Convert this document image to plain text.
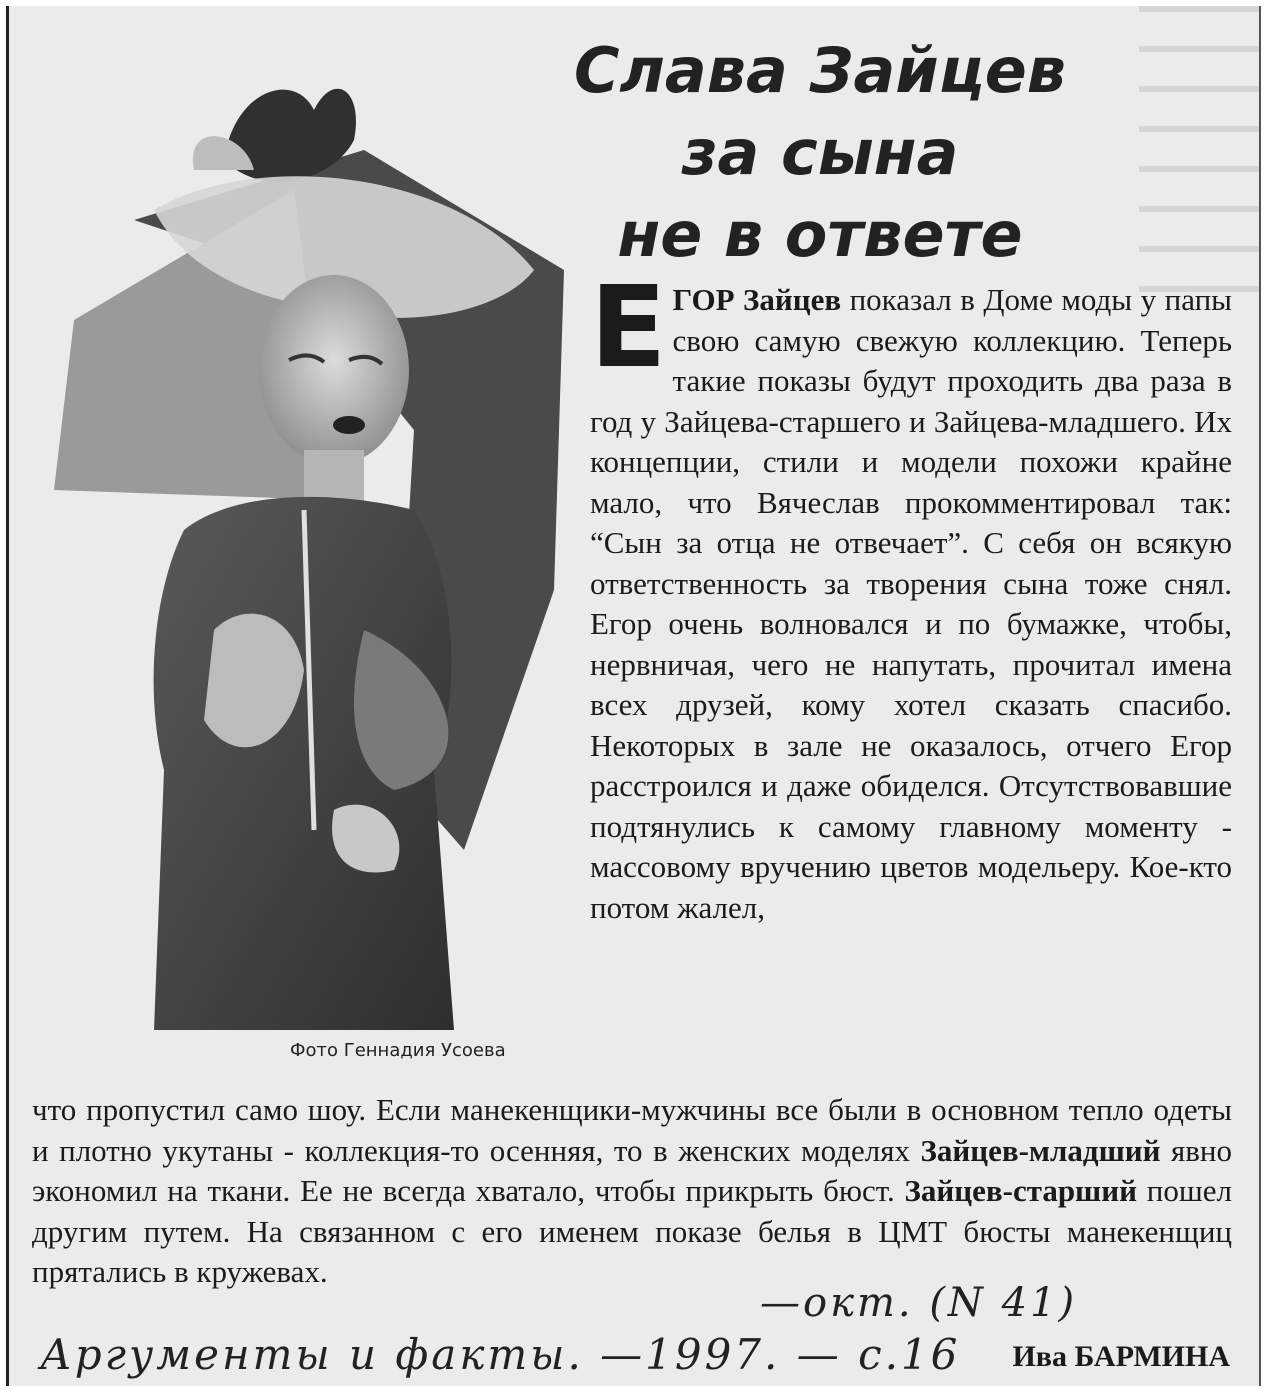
Слава Зайцев
за сына
не в ответе
Фото Геннадия Усоева
ЕГОР Зайцев показал в Доме моды у папы свою самую свежую коллекцию. Теперь такие показы будут проходить два раза в год у Зайцева-старшего и Зайцева-младшего. Их концепции, стили и модели похожи крайне мало, что Вячеслав прокомментировал так: “Сын за отца не отвечает”. С себя он всякую ответственность за творения сына тоже снял. Егор очень волновался и по бумажке, чтобы, нервничая, чего не напутать, прочитал имена всех друзей, кому хотел сказать спасибо. Некоторых в зале не оказалось, отчего Егор расстроился и даже обиделся. Отсутствовавшие подтянулись к самому главному моменту - массовому вручению цветов модельеру. Кое-кто потом жалел,
что пропустил само шоу. Если манекенщики-мужчины все были в основном тепло одеты и плотно укутаны - коллекция-то осенняя, то в женских моделях Зайцев-младший явно экономил на ткани. Ее не всегда хватало, чтобы прикрыть бюст. Зайцев-старший пошел другим путем. На связанном с его именем показе белья в ЦМТ бюсты манекенщиц прятались в кружевах.
—окт. (N 41)
Аргументы и факты. —1997. — с.16 Ива БАРМИНА
